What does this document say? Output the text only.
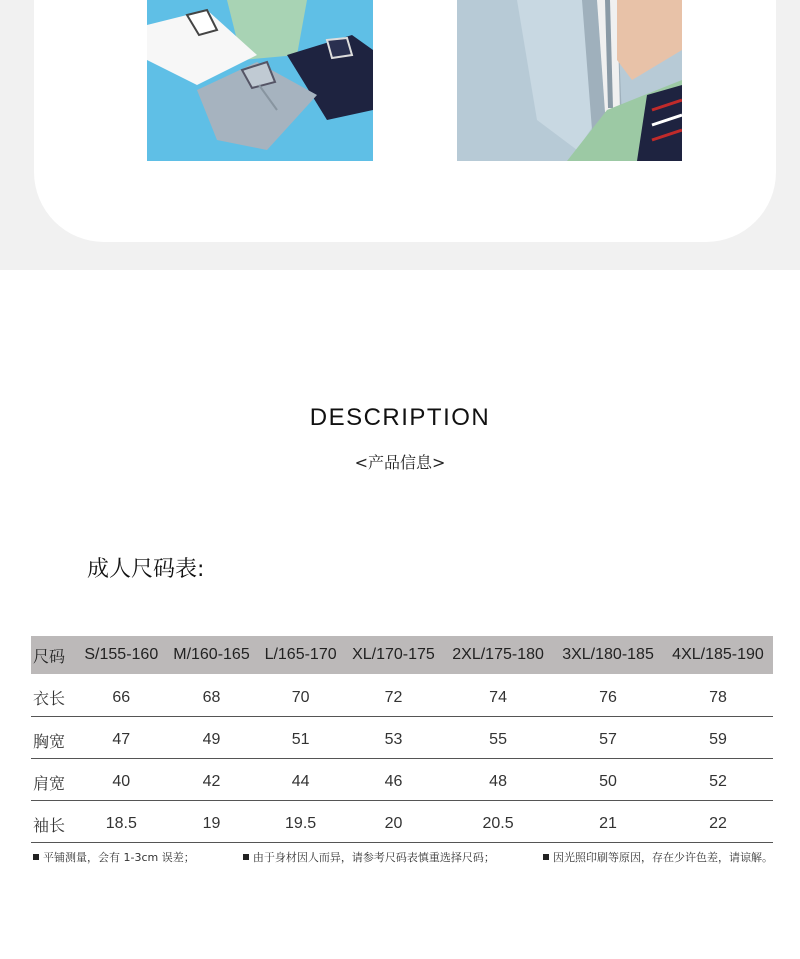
DESCRIPTION
<产品信息>
成人尺码表:
尺码	S/155-160	M/160-165	L/165-170	XL/170-175	2XL/175-180	3XL/180-185	4XL/185-190
衣长	66	68	70	72	74	76	78
胸宽	47	49	51	53	55	57	59
肩宽	40	42	44	46	48	50	52
袖长	18.5	19	19.5	20	20.5	21	22
平铺测量，会有 1-3cm 误差；	由于身材因人而异，请参考尺码表慎重选择尺码；	因光照印刷等原因，存在少许色差，请谅解。
